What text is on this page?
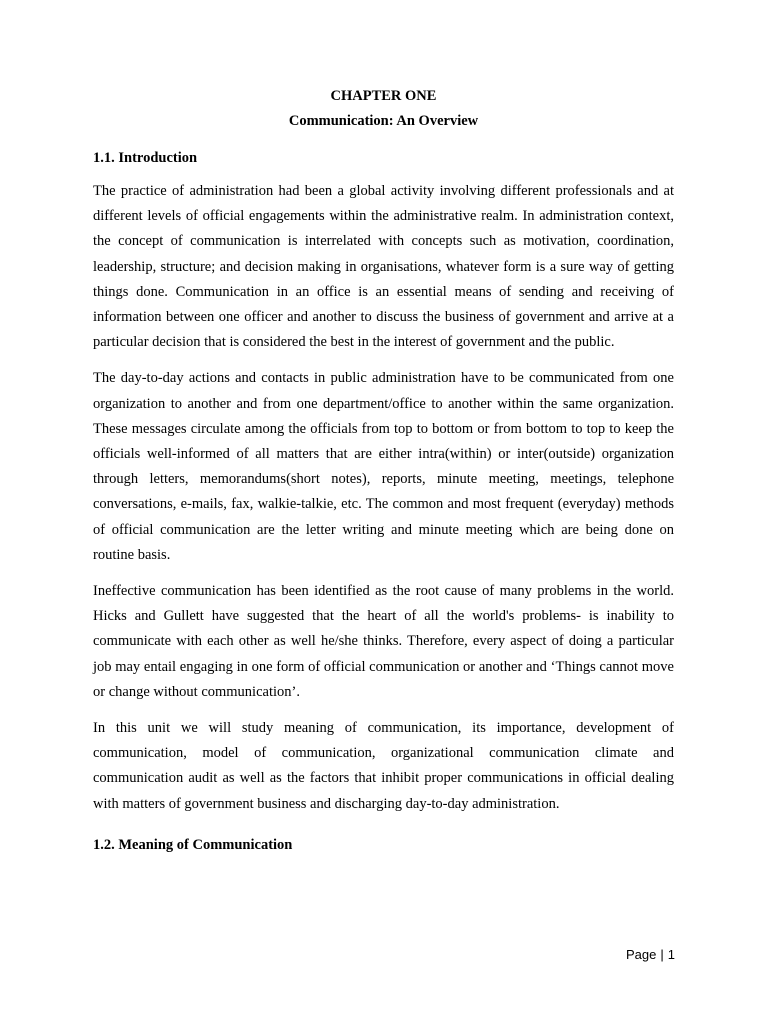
CHAPTER ONE
Communication: An Overview
1.1. Introduction

The practice of administration had been a global activity involving different professionals and at different levels of official engagements within the administrative realm. In administration context, the concept of communication is interrelated with concepts such as motivation, coordination, leadership, structure; and decision making in organisations, whatever form is a sure way of getting things done. Communication in an office is an essential means of sending and receiving of information between one officer and another to discuss the business of government and arrive at a particular decision that is considered the best in the interest of government and the public.

The day-to-day actions and contacts in public administration have to be communicated from one organization to another and from one department/office to another within the same organization. These messages circulate among the officials from top to bottom or from bottom to top to keep the officials well-informed of all matters that are either intra(within) or inter(outside) organization through letters, memorandums(short notes), reports, minute meeting, meetings, telephone conversations, e-mails, fax, walkie-talkie, etc. The common and most frequent (everyday) methods of official communication are the letter writing and minute meeting which are being done on routine basis.

Ineffective communication has been identified as the root cause of many problems in the world. Hicks and Gullett have suggested that the heart of all the world's problems- is inability to communicate with each other as well he/she thinks. Therefore, every aspect of doing a particular job may entail engaging in one form of official communication or another and ‘Things cannot move or change without communication’.

In this unit we will study meaning of communication, its importance, development of communication, model of communication, organizational communication climate and communication audit as well as the factors that inhibit proper communications in official dealing with matters of government business and discharging day-to-day administration.

1.2. Meaning of Communication
Page | 1
